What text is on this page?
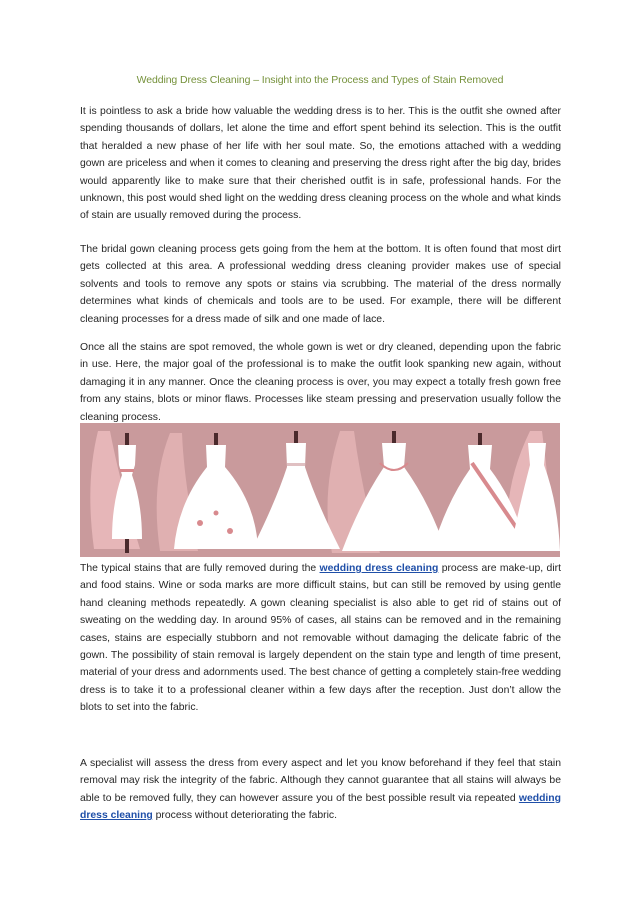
Wedding Dress Cleaning – Insight into the Process and Types of Stain Removed

It is pointless to ask a bride how valuable the wedding dress is to her. This is the outfit she owned after spending thousands of dollars, let alone the time and effort spent behind its selection. This is the outfit that heralded a new phase of her life with her soul mate. So, the emotions attached with a wedding gown are priceless and when it comes to cleaning and preserving the dress right after the big day, brides would apparently like to make sure that their cherished outfit is in safe, professional hands. For the unknown, this post would shed light on the wedding dress cleaning process on the whole and what kinds of stain are usually removed during the process.

The bridal gown cleaning process gets going from the hem at the bottom. It is often found that most dirt gets collected at this area. A professional wedding dress cleaning provider makes use of special solvents and tools to remove any spots or stains via scrubbing. The material of the dress normally determines what kinds of chemicals and tools are to be used. For example, there will be different cleaning processes for a dress made of silk and one made of lace.

Once all the stains are spot removed, the whole gown is wet or dry cleaned, depending upon the fabric in use. Here, the major goal of the professional is to make the outfit look spanking new again, without damaging it in any manner. Once the cleaning process is over, you may expect a totally fresh gown free from any stains, blots or minor flaws. Processes like steam pressing and preservation usually follow the cleaning process.

The typical stains that are fully removed during the wedding dress cleaning process are make-up, dirt and food stains. Wine or soda marks are more difficult stains, but can still be removed by using gentle hand cleaning methods repeatedly. A gown cleaning specialist is also able to get rid of stains out of sweating on the wedding day. In around 95% of cases, all stains can be removed and in the remaining cases, stains are especially stubborn and not removable without damaging the delicate fabric of the gown. The possibility of stain removal is largely dependent on the stain type and length of time present, material of your dress and adornments used. The best chance of getting a completely stain-free wedding dress is to take it to a professional cleaner within a few days after the reception. Just don’t allow the blots to set into the fabric.

A specialist will assess the dress from every aspect and let you know beforehand if they feel that stain removal may risk the integrity of the fabric. Although they cannot guarantee that all stains will always be able to be removed fully, they can however assure you of the best possible result via repeated wedding dress cleaning process without deteriorating the fabric.
